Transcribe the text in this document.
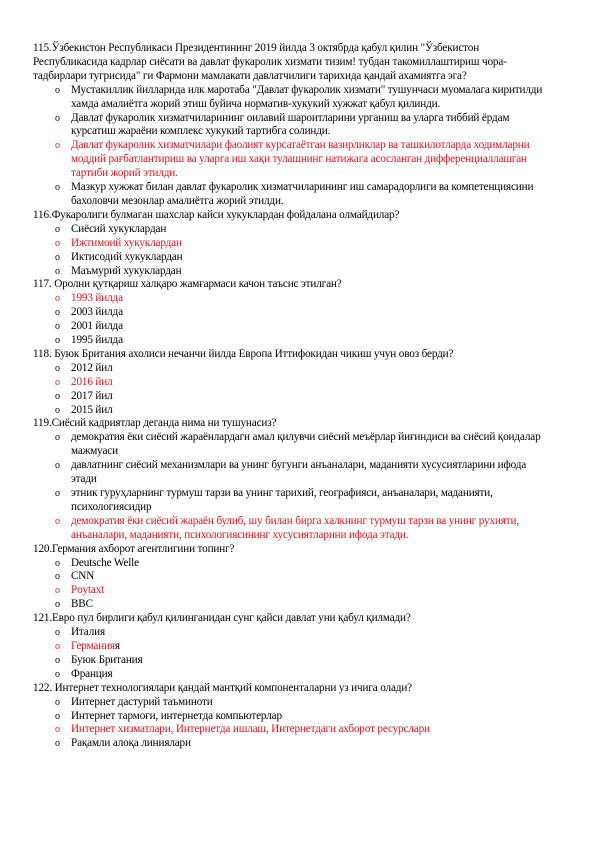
115.Ўзбекистон Республикаси Президентининг 2019 йилда 3 октябрда қабул қилин "Ўзбекистон Республикасида кадрлар сиёсати ва давлат фукаролик хизмати тизим! тубдан такомиллаштириш чора-тадбирлари тугрисида" ги Фармони мамлакати давлатчилиги тарихида қандай ахамиятга эга?

o Мустакиллик йилларида илк маротаба "Давлат фукаролик хизмати" тушунчаси муомалага киритилди хамда амалиётга жорий этиш буйича норматив-хукукий хужжат қабул қилинди.
o Давлат фукаролик хизматчиларининг оилавий шароитларини урганиш ва уларга тиббий ёрдам курсатиш жараёни комплекс хукукий тартибга солинди.
o Давлат фукаролик хизматчилари фаолият курсатаётган вазирликлар ва ташкилотларда ходимларни моддий рағбатлантириш ва уларга иш хақи тулашнинг натижага асосланган дифференциаллашган тартиби жорий этилди.
o Мазкур хужжат билан давлат фукаролик хизматчиларининг иш самарадорлиги ва компетенциясини бахоловчи мезонлар амалиётга жорий этилди.

116.Фукаролиги булмаган шахслар кайси хукуклардан фойдалана олмайдилар?

o Сиёсий хукуклардан
o Ижтимоий хукуклардан
o Иктисодий хукуклардан
o Маъмурий хукуклардан

117. Оролни қутқариш халқаро жамғармаси качон таъсис этилган?

o 1993 йилда
o 2003 йилда
o 2001 йилда
o 1995 йилда

118. Буюк Британия ахолиси нечанчи йилда Европа Иттифокидан чикиш учун овоз берди?

o 2012 йил
o 2016 йил
o 2017 йил
o 2015 йил

119.Сиёсий кадриятлар деганда нима ни тушунасиз?

o демократия ёки сиёсий жараёнлардаги амал қилувчи сиёсий меъёрлар йиғиндиси ва сиёсий қоидалар мажмуаси
o давлатнинг сиёсий механизмлари ва унинг бугунги анъаналари, маданияти хусусиятларини ифода этади
o этник гуруҳларнинг турмуш тарзи ва унинг тарихий, географияси, анъаналари, маданияти, психологиясидир
o демократия ёки сиёсий жараён булиб, шу билан бирга халкнинг турмуш тарзи ва унинг рухияти, анъаналари, маданияти, психологиясининг хусусиятларини ифода этади.

120.Германия ахборот агентлигини топинг?

o Deutsche Welle
o CNN
o Poytaxt
o BBC

121.Евро пул бирлиги қабул қилинганидан сунг қайси давлат уни қабул қилмади?

o Италия
o Германияя
o Буюк Британия
o Франция

122. Интернет технологиялари қандай мантқий компоненталарни уз ичига олади?

o Интернет дастурий таъминоти
o Интернет тармоғи, интернетда компьютерлар
o Интернет хизматлари, Интернетда ишлаш, Интернетдаги ахборот ресурслари
o Рақамли алоқа линиялари
